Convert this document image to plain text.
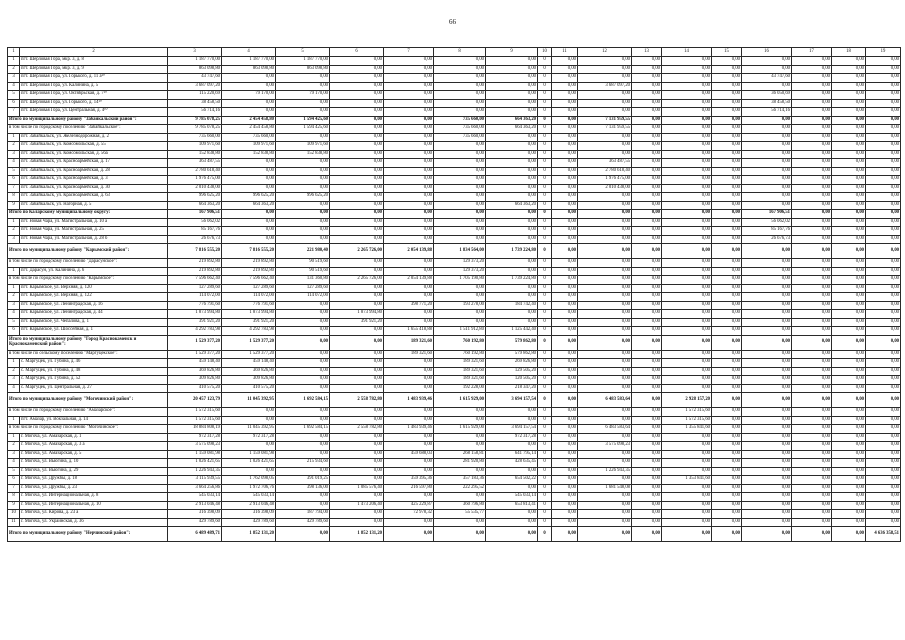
66
1	2	3	4	5	6	7	8	9	10	11	12	13	14	15	16	17	18	19
1	пгт. Шерловая Гора, мкр. 3, д. 8	1 187 770,00	1 187 770,00	1 187 770,00	0,00	0,00	0,00	0,00	0	0,00	0,00	0,00	0,00	0,00	0,00	0,00	0,00	0,00
2	пгт. Шерловая Гора, мкр. 3, д. 9	863 098,80	863 098,80	863 098,80	0,00	0,00	0,00	0,00	0	0,00	0,00	0,00	0,00	0,00	0,00	0,00	0,00	0,00
3	пгт. Шерловая Гора, ул. Горького, д. 11 а¹⁰	43 747,60	0,00	0,00	0,00	0,00	0,00	0,00	0	0,00	0,00	0,00	0,00	0,00	43 747,60	0,00	0,00	0,00
4	пгт. Шерловая Гора, ул. Калинина, д. 5	3 687 097,20	0,00	0,00	0,00	0,00	0,00	0,00	0	0,00	3 687 097,20	0,00	0,00	0,00	0,00	0,00	0,00	0,00
5	пгт. Шерловая Гора, ул. Октябрьская, д. 7¹⁰	115 220,69	79 170,00	79 170,00	0,00	0,00	0,00	0,00	0	0,00	0,00	0,00	0,00	0,00	36 050,69	0,00	0,00	0,00
6	пгт. Шерловая Гора, ул. Горького, д. 14¹⁰	38 458,50	0,00	0,00	0,00	0,00	0,00	0,00	0	0,00	0,00	0,00	0,00	0,00	38 458,50	0,00	0,00	0,00
7	пгт. Шерловая Гора, ул. Центральная, д. 4¹⁰	56 714,16	0,00	0,00	0,00	0,00	0,00	0,00	0	0,00	0,00	0,00	0,00	0,00	56 714,16	0,00	0,00	0,00
Итого по муниципальному району "Забайкальский район":		9 785 078,25	2 454 458,80	1 594 425,60	0,00	0,00	735 660,00	664 363,20	0	0,00	7 131 959,55	0,00	0,00	0,00	0,00	0,00	0,00	0,00
в том числе по городскому поселению "Забайкальское":		9 785 078,25	2 454 458,80	1 594 425,60	0,00	0,00	735 660,00	664 363,20	0	0,00	7 131 959,55	0,00	0,00	0,00	0,00	0,00	0,00	0,00
1	пгт. Забайкальск, ул. Железнодорожная, д. 2	735 660,00	735 660,00	0,00	0,00	0,00	735 660,00	0,00	0	0,00	0,00	0,00	0,00	0,00	0,00	0,00	0,00	0,00
2	пгт. Забайкальск, ул. Комсомольская, д. 55	109 971,60	109 971,60	109 971,60	0,00	0,00	0,00	0,00	0	0,00	0,00	0,00	0,00	0,00	0,00	0,00	0,00	0,00
3	пгт. Забайкальск, ул. Комсомольская, д. 56а	152 838,80	152 838,80	152 838,80	0,00	0,00	0,00	0,00	0	0,00	0,00	0,00	0,00	0,00	0,00	0,00	0,00	0,00
4	пгт. Забайкальск, ул. Красноармейская, д. 17	363 487,55	0,00	0,00	0,00	0,00	0,00	0,00	0	0,00	363 487,55	0,00	0,00	0,00	0,00	0,00	0,00	0,00
5	пгт. Забайкальск, ул. Красноармейская, д. 28	2 780 618,40	0,00	0,00	0,00	0,00	0,00	0,00	0	0,00	2 780 618,40	0,00	0,00	0,00	0,00	0,00	0,00	0,00
6	пгт. Забайкальск, ул. Красноармейская, д. 3	1 976 475,00	0,00	0,00	0,00	0,00	0,00	0,00	0	0,00	1 976 475,00	0,00	0,00	0,00	0,00	0,00	0,00	0,00
7	пгт. Забайкальск, ул. Красноармейская, д. 30	2 010 438,00	0,00	0,00	0,00	0,00	0,00	0,00	0	0,00	2 010 438,00	0,00	0,00	0,00	0,00	0,00	0,00	0,00
8	пгт. Забайкальск, ул. Красноармейская, д. 63	996 625,20	996 625,20	996 625,20	0,00	0,00	0,00	0,00	0	0,00	0,00	0,00	0,00	0,00	0,00	0,00	0,00	0,00
9	пгт. Забайкальск, ул. Нагорная, д. 5	664 363,20	664 363,20	0,00	0,00	0,00	0,00	664 363,20	0	0,00	0,00	0,00	0,00	0,00	0,00	0,00	0,00	0,00
Итого по Каларскому муниципальному округу:		167 906,51	0,00	0,00	0,00	0,00	0,00	0,00	0	0,00	0,00	0,00	0,00	0,00	167 906,51	0,00	0,00	0,00
1	пгт. Новая Чара, ул. Магистральная, д. 10 а	56 062,02	0,00	0,00	0,00	0,00	0,00	0,00	0	0,00	0,00	0,00	0,00	0,00	56 062,02	0,00	0,00	0,00
2	пгт. Новая Чара, ул. Магистральная, д. 25	85 167,76	0,00	0,00	0,00	0,00	0,00	0,00	0	0,00	0,00	0,00	0,00	0,00	85 167,76	0,00	0,00	0,00
3	пгт. Новая Чара, ул. Магистральная, д. 28 б	26 676,73	0,00	0,00	0,00	0,00	0,00	0,00	0	0,00	0,00	0,00	0,00	0,00	26 676,73	0,00	0,00	0,00
Итого по муниципальному району "Карымский район":		7 816 555,20	7 816 555,20	221 980,40	2 265 726,00	2 054 139,88	1 834 564,00	1 739 224,80	0	0,00	0,00	0,00	0,00	0,00	0,00	0,00	0,00	0,00
в том числе по городскому поселению "Дарасунское":		219 892,80	219 892,80	90 519,60	0,00	0,00	129 373,20	0,00	0	0,00	0,00	0,00	0,00	0,00	0,00	0,00	0,00	0,00
1	пгт. Дарасун, ул. Калинина, д. 6	219 892,80	219 892,80	90 519,60	0,00	0,00	129 373,20	0,00	0	0,00	0,00	0,00	0,00	0,00	0,00	0,00	0,00	0,00
в том числе по городскому поселению "Карымское":		7 596 662,40	7 596 662,40	131 360,80	2 265 726,00	2 054 139,88	1 705 190,80	1 739 224,80	0	0,00	0,00	0,00	0,00	0,00	0,00	0,00	0,00	0,00
1	пгт. Карымское, ул. Верхняя, д. 120	127 289,60	127 289,60	127 289,60	0,00	0,00	0,00	0,00	0	0,00	0,00	0,00	0,00	0,00	0,00	0,00	0,00	0,00
2	пгт. Карымское, ул. Верхняя, д. 122	114 072,00	114 072,00	114 072,00	0,00	0,00	0,00	0,00	0	0,00	0,00	0,00	0,00	0,00	0,00	0,00	0,00	0,00
3	пгт. Карымское, ул. Ленинградская, д. 16	776 791,60	776 791,60	0,00	0,00	398 771,20	193 278,00	184 742,40	0	0,00	0,00	0,00	0,00	0,00	0,00	0,00	0,00	0,00
4	пгт. Карымское, ул. Ленинградская, д. 44	1 873 994,80	1 873 994,80	0,00	1 873 994,80	0,00	0,00	0,00	0	0,00	0,00	0,00	0,00	0,00	0,00	0,00	0,00	0,00
5	пгт. Карымское, ул. Чепалова, д. 1	391 921,20	391 921,20	0,00	391 921,20	0,00	0,00	0,00	0	0,00	0,00	0,00	0,00	0,00	0,00	0,00	0,00	0,00
6	пгт. Карымское, ул. Шоссейная, д. 1	4 292 783,98	4 292 783,98	0,00	0,00	1 655 418,88	1 511 912,80	1 125 442,40	0	0,00	0,00	0,00	0,00	0,00	0,00	0,00	0,00	0,00
Итого по муниципальному району "Город Краснокаменск и Краснокаменский район":		1 529 377,20	1 529 377,20	0,00	0,00	189 321,60	760 192,80	579 862,80	0	0,00	0,00	0,00	0,00	0,00	0,00	0,00	0,00	0,00
в том числе по сельскому поселению "Маргуцекское":		1 529 377,20	1 529 377,20	0,00	0,00	189 321,60	760 192,80	579 862,80	0	0,00	0,00	0,00	0,00	0,00	0,00	0,00	0,00	0,00
1	с. Маргуцек, ул. Губина, д. 46	459 148,40	459 148,40	0,00	0,00	0,00	189 321,60	269 826,80	0	0,00	0,00	0,00	0,00	0,00	0,00	0,00	0,00	0,00
2	с. Маргуцек, ул. Губина, д. 48	369 826,80	369 826,80	0,00	0,00	0,00	189 321,60	129 505,20	0	0,00	0,00	0,00	0,00	0,00	0,00	0,00	0,00	0,00
3	с. Маргуцек, ул. Губина, д. 52	309 826,80	309 826,80	0,00	0,00	0,00	189 321,60	120 505,20	0	0,00	0,00	0,00	0,00	0,00	0,00	0,00	0,00	0,00
4	с. Маргуцек, ул. Центральная, д. 27	410 575,20	410 575,20	0,00	0,00	0,00	192 228,00	218 347,20	0	0,00	0,00	0,00	0,00	0,00	0,00	0,00	0,00	0,00
Итого по муниципальному району "Могочинский район":		20 457 123,79	11 045 392,95	1 692 584,15	2 558 782,80	1 483 939,46	1 615 929,00	3 694 157,54	0	0,00	6 483 583,64	0,00	2 928 157,20	0,00	0,00	0,00	0,00	0,00
в том числе по городскому поселению "Амазарское":		1 572 315,60	0,00	0,00	0,00	0,00	0,00	0,00	0	0,00	0,00	0,00	1 572 315,60	0,00	0,00	0,00	0,00	0,00
1	пгт. Амазар, ул. Вокзальная, д. 14	1 572 315,60	0,00	0,00	0,00	0,00	0,00	0,00	0	0,00	0,00	0,00	1 572 315,60	0,00	0,00	0,00	0,00	0,00
в том числе по городскому поселению "Могочинское":		18 884 808,19	11 045 392,95	1 692 584,15	2 558 782,80	1 483 939,46	1 615 929,00	3 694 157,54	0	0,00	6 483 583,64	0,00	1 355 841,60	0,00	0,00	0,00	0,00	0,00
1	г. Могоча, ул. Амазарская, д. 1	972 317,28	972 317,28	0,00	0,00	0,00	0,00	972 317,28	0	0,00	0,00	0,00	0,00	0,00	0,00	0,00	0,00	0,00
2	г. Могоча, ул. Амазарская, д. 3 а	3 575 098,23	0,00	0,00	0,00	0,00	0,00	0,00	0	0,00	3 575 098,23	0,00	0,00	0,00	0,00	0,00	0,00	0,00
3	г. Могоча, ул. Амазарская, д. 5	1 159 081,98	1 159 081,98	0,00	0,00	459 688,03	268 158,81	641 795,14	0	0,00	0,00	0,00	0,00	0,00	0,00	0,00	0,00	0,00
4	г. Могоча, ул. Вьюгина, д. 10	1 026 421,65	1 026 421,65	215 934,60	0,00	0,00	281 920,80	428 635,45	0	0,00	0,00	0,00	0,00	0,00	0,00	0,00	0,00	0,00
5	г. Могоча, ул. Вьюгина, д. 29	1 226 943,35	0,00	0,00	0,00	0,00	0,00	0,00	0	0,00	1 226 943,35	0,00	0,00	0,00	0,00	0,00	0,00	0,00
6	г. Могоча, ул. Дружбы, д. 18	3 115 939,55	1 762 098,05	391 019,25	0,00	359 395,36	357 183,36	654 502,22	0	0,00	0,00	0,00	1 353 841,60	0,00	0,00	0,00	0,00	0,00
7	г. Могоча, ул. Дружбы, д. 23	3 664 256,86	1 972 706,76	398 136,00	1 085 576,40	216 597,80	222 295,52	0,00	0	0,00	1 681 548,08	0,00	0,00	0,00	0,00	0,00	0,00	0,00
8	г. Могоча, ул. Интернациональная, д. 8	545 033,14	545 033,14	0,00	0,00	0,00	0,00	545 033,14	0	0,00	0,00	0,00	0,00	0,00	0,00	0,00	0,00	0,00
9	г. Могоча, ул. Интернациональная, д. 10	2 913 046,48	2 913 046,48	0,00	1 473 206,40	425 229,87	360 796,80	653 813,41	0	0,00	0,00	0,00	0,00	0,00	0,00	0,00	0,00	0,00
10	г. Могоча, ул. Кирова, д. 23 а	316 398,09	316 398,09	187 794,00	0,00	72 978,32	55 535,77	0,00	0	0,00	0,00	0,00	0,00	0,00	0,00	0,00	0,00	0,00
11	г. Могоча, ул. Украинская, д. 36	429 789,60	429 789,60	429 789,60	0,00	0,00	0,00	0,00	0	0,00	0,00	0,00	0,00	0,00	0,00	0,00	0,00	0,00
Итого по муниципальному району "Нерчинский район":		6 489 489,71	1 852 131,20	0,00	1 852 131,20	0,00	0,00	0,00	0	0,00	0,00	0,00	0,00	0,00	0,00	0,00	0,00	4 636 358,51
